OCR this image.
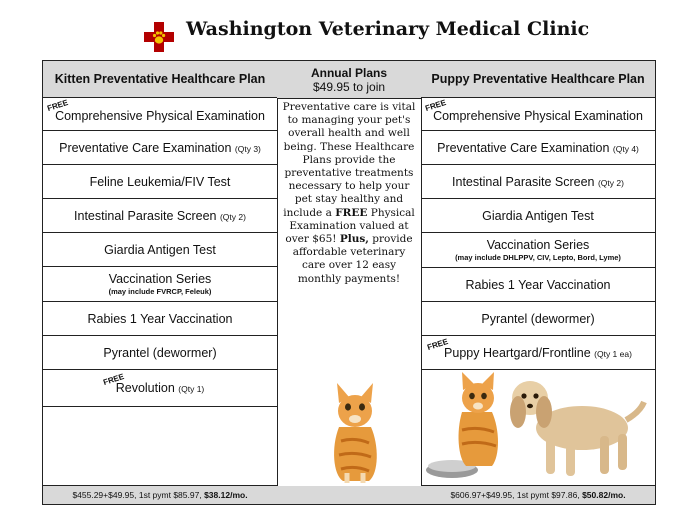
Washington Veterinary Medical Clinic
Kitten Preventative Healthcare Plan
FREE
Comprehensive Physical Examination
Preventative Care Examination (Qty 3)
Feline Leukemia/FIV Test
Intestinal Parasite Screen (Qty 2)
Giardia Antigen Test
Vaccination Series
(may include FVRCP, Feleuk)
Rabies 1 Year Vaccination
Pyrantel (dewormer)
FREE
Revolution (Qty 1)
$455.29+$49.95, 1st pymt $85.97, $38.12/mo.
Annual Plans
$49.95 to join
Preventative care is vital to managing your pet's overall health and well being. These Healthcare Plans provide the preventative treatments necessary to help your pet stay healthy and include a FREE Physical Examination valued at over $65! Plus, provide affordable veterinary care over 12 easy monthly payments!
Puppy Preventative Healthcare Plan
FREE
Comprehensive Physical Examination
Preventative Care Examination (Qty 4)
Intestinal Parasite Screen (Qty 2)
Giardia Antigen Test
Vaccination Series
(may include DHLPPV, CIV, Lepto, Bord, Lyme)
Rabies 1 Year Vaccination
Pyrantel (dewormer)
FREE
Puppy Heartgard/Frontline (Qty 1 ea)
$606.97+$49.95, 1st pymt $97.86, $50.82/mo.
